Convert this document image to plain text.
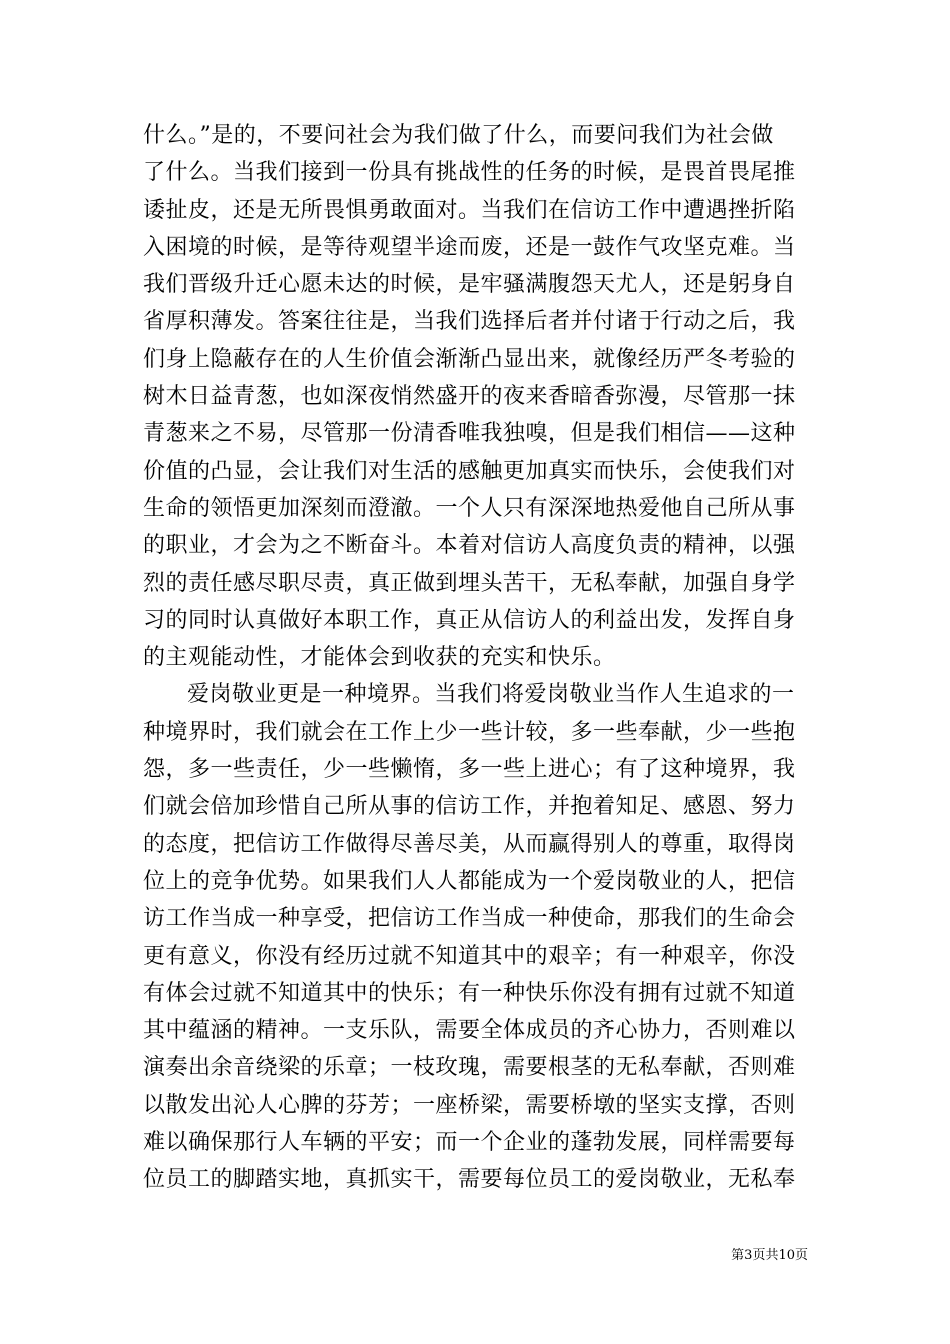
什么。”是的，不要问社会为我们做了什么，而要问我们为社会做
了什么。当我们接到一份具有挑战性的任务的时候，是畏首畏尾推
诿扯皮，还是无所畏惧勇敢面对。当我们在信访工作中遭遇挫折陷
入困境的时候，是等待观望半途而废，还是一鼓作气攻坚克难。当
我们晋级升迁心愿未达的时候，是牢骚满腹怨天尤人，还是躬身自
省厚积薄发。答案往往是，当我们选择后者并付诸于行动之后，我
们身上隐蔽存在的人生价值会渐渐凸显出来，就像经历严冬考验的
树木日益青葱，也如深夜悄然盛开的夜来香暗香弥漫，尽管那一抹
青葱来之不易，尽管那一份清香唯我独嗅，但是我们相信——这种
价值的凸显，会让我们对生活的感触更加真实而快乐，会使我们对
生命的领悟更加深刻而澄澈。一个人只有深深地热爱他自己所从事
的职业，才会为之不断奋斗。本着对信访人高度负责的精神，以强
烈的责任感尽职尽责，真正做到埋头苦干，无私奉献，加强自身学
习的同时认真做好本职工作，真正从信访人的利益出发，发挥自身
的主观能动性，才能体会到收获的充实和快乐。
爱岗敬业更是一种境界。当我们将爱岗敬业当作人生追求的一
种境界时，我们就会在工作上少一些计较，多一些奉献，少一些抱
怨，多一些责任，少一些懒惰，多一些上进心；有了这种境界，我
们就会倍加珍惜自己所从事的信访工作，并抱着知足、感恩、努力
的态度，把信访工作做得尽善尽美，从而赢得别人的尊重，取得岗
位上的竞争优势。如果我们人人都能成为一个爱岗敬业的人，把信
访工作当成一种享受，把信访工作当成一种使命，那我们的生命会
更有意义，你没有经历过就不知道其中的艰辛；有一种艰辛，你没
有体会过就不知道其中的快乐；有一种快乐你没有拥有过就不知道
其中蕴涵的精神。一支乐队，需要全体成员的齐心协力，否则难以
演奏出余音绕梁的乐章；一枝玫瑰，需要根茎的无私奉献，否则难
以散发出沁人心脾的芬芳；一座桥梁，需要桥墩的坚实支撑，否则
难以确保那行人车辆的平安；而一个企业的蓬勃发展，同样需要每
位员工的脚踏实地，真抓实干，需要每位员工的爱岗敬业，无私奉
第3页共10页
